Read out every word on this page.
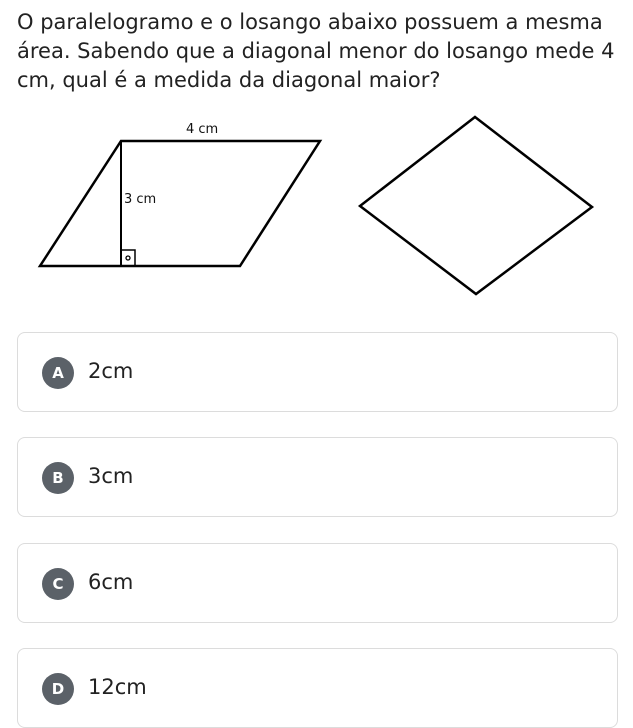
O paralelogramo e o losango abaixo possuem a mesma área. Sabendo que a diagonal menor do losango mede 4 cm, qual é a medida da diagonal maior?

4 cm
3 cm
A	2cm
B	3cm
C	6cm
D	12cm
